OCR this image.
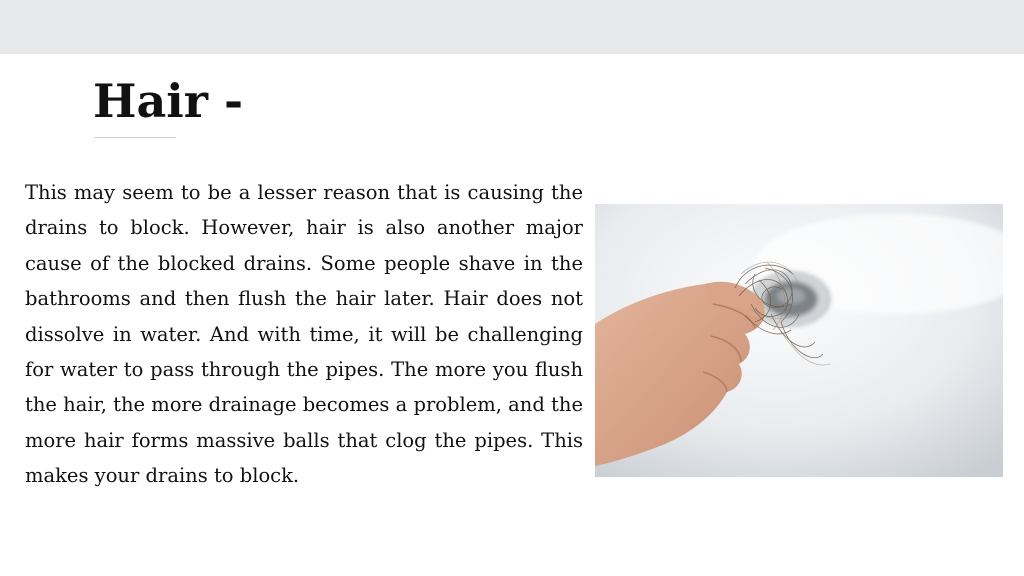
Hair -

This may seem to be a lesser reason that is causing the drains to block. However, hair is also another major cause of the blocked drains. Some people shave in the bathrooms and then flush the hair later. Hair does not dissolve in water. And with time, it will be challenging for water to pass through the pipes. The more you flush the hair, the more drainage becomes a problem, and the more hair forms massive balls that clog the pipes. This makes your drains to block.
